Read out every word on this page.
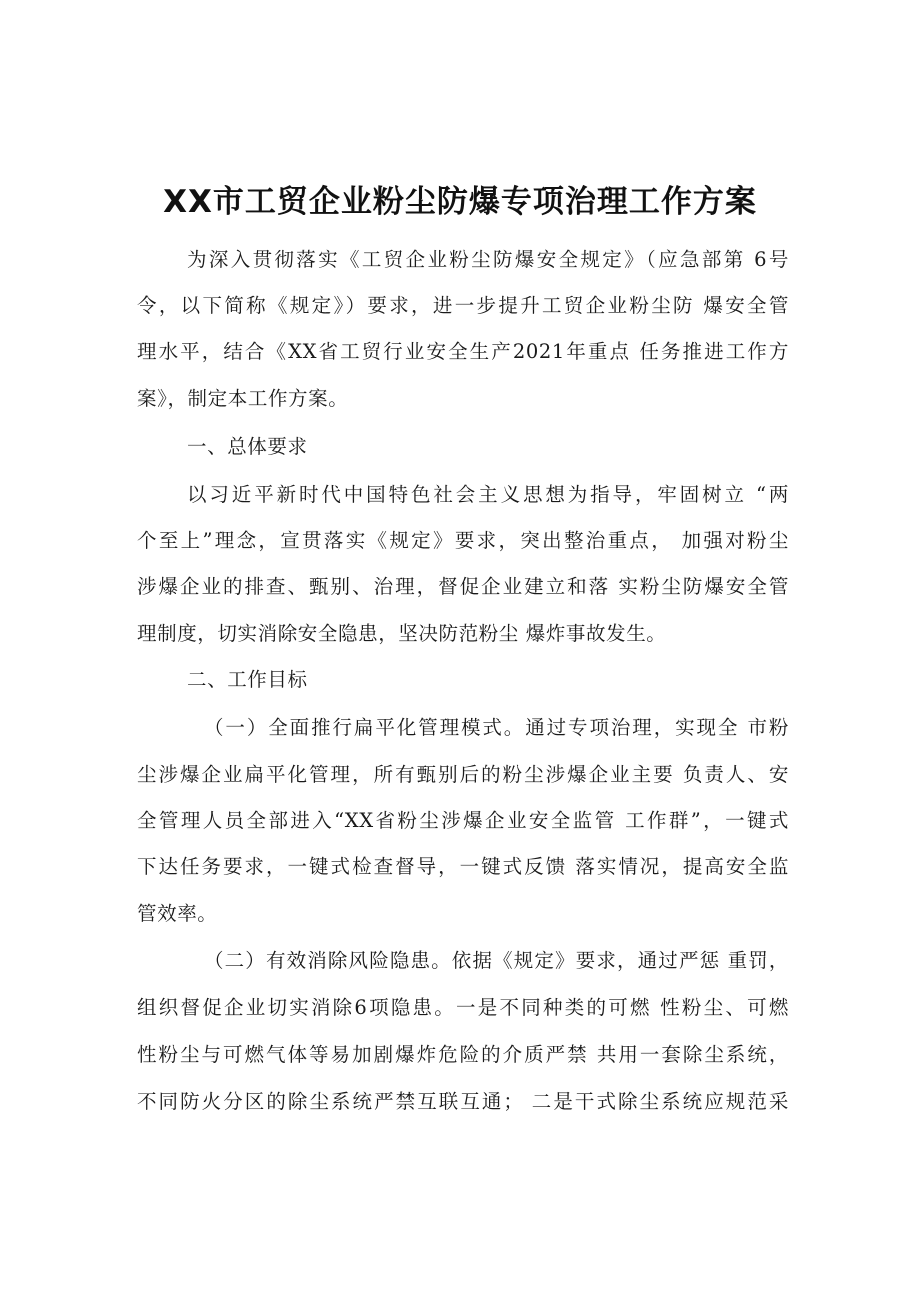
XX市工贸企业粉尘防爆专项治理工作方案
为深入贯彻落实《工贸企业粉尘防爆安全规定》（应急部第 6号
令，以下简称《规定》）要求，进一步提升工贸企业粉尘防 爆安全管
理水平，结合《XX省工贸行业安全生产2021年重点 任务推进工作方
案》，制定本工作方案。
一、总体要求
以习近平新时代中国特色社会主义思想为指导，牢固树立 “两
个至上”理念，宣贯落实《规定》要求，突出整治重点， 加强对粉尘
涉爆企业的排查、甄别、治理，督促企业建立和落 实粉尘防爆安全管
理制度，切实消除安全隐患，坚决防范粉尘 爆炸事故发生。
二、工作目标
（一）全面推行扁平化管理模式。通过专项治理，实现全 市粉
尘涉爆企业扁平化管理，所有甄别后的粉尘涉爆企业主要 负责人、安
全管理人员全部进入“XX省粉尘涉爆企业安全监管 工作群”，一键式
下达任务要求，一键式检查督导，一键式反馈 落实情况，提高安全监
管效率。
（二）有效消除风险隐患。依据《规定》要求，通过严惩 重罚，
组织督促企业切实消除6项隐患。一是不同种类的可燃 性粉尘、可燃
性粉尘与可燃气体等易加剧爆炸危险的介质严禁 共用一套除尘系统，
不同防火分区的除尘系统严禁互联互通； 二是干式除尘系统应规范采
